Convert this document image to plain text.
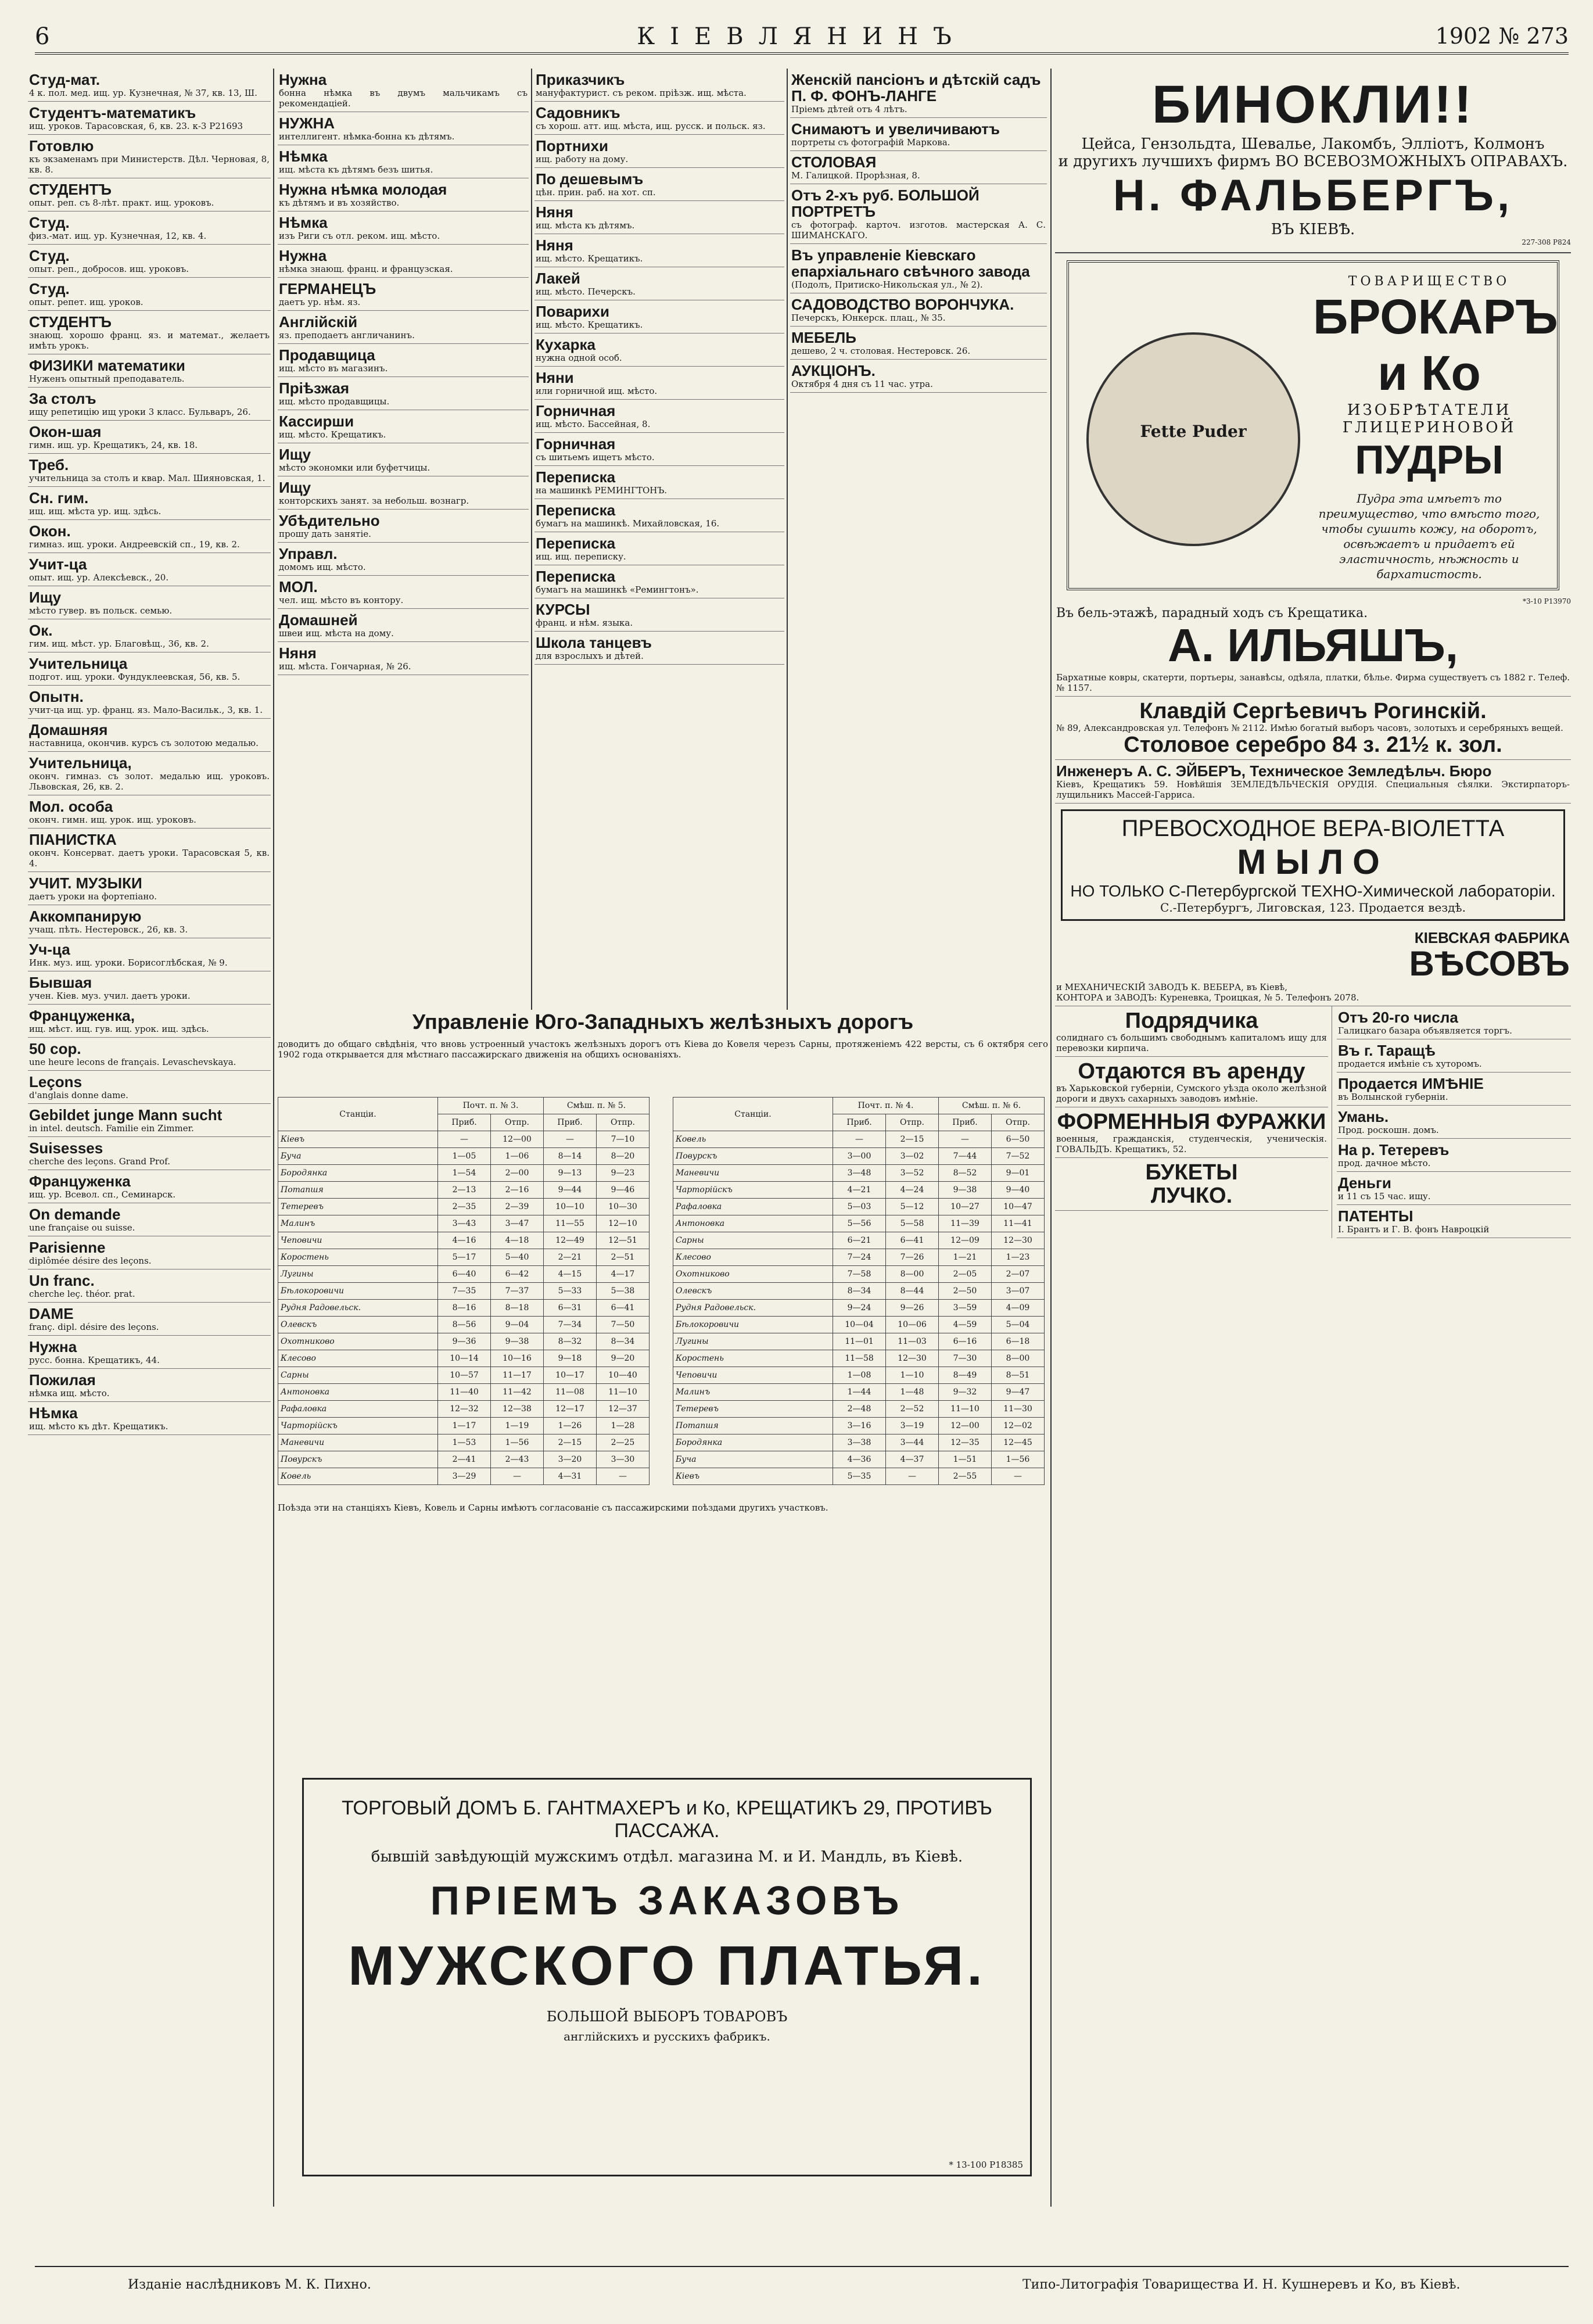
6	КІЕВЛЯНИНЪ	1902 № 273
Студ-мат.
4 к. пол. мед. ищ. ур. Кузнечная, № 37, кв. 13, Ш.
Студентъ-математикъ
ищ. уроков. Тарасовская, 6, кв. 23. к-3 Р21693
Готовлю
къ экзаменамъ при Министерств. Дѣл. Черновая, 8, кв. 8.
СТУДЕНТЪ
опыт. реп. съ 8-лѣт. практ. ищ. уроковъ.
Студ.
физ.-мат. ищ. ур. Кузнечная, 12, кв. 4.
Студ.
опыт. реп., добросов. ищ. уроковъ.
Студ.
опыт. репет. ищ. уроков.
СТУДЕНТЪ
знающ. хорошо франц. яз. и математ., желаетъ имѣть урокъ.
ФИЗИКИ математики
Нуженъ опытный преподаватель.
За столъ
ищу репетицію ищ уроки 3 класс. Бульваръ, 26.
Окон-шая
гимн. ищ. ур. Крещатикъ, 24, кв. 18.
Треб.
учительница за столъ и квар. Мал. Шияновская, 1.
Сн. гим.
ищ. ищ. мѣста ур. ищ. здѣсь.
Окон.
гимназ. ищ. уроки. Андреевскій сп., 19, кв. 2.
Учит-ца
опыт. ищ. ур. Алексѣевск., 20.
Ищу
мѣсто гувер. въ польск. семью.
Ок.
гим. ищ. мѣст. ур. Благовѣщ., 36, кв. 2.
Учительница
подгот. ищ. уроки. Фундуклеевская, 56, кв. 5.
Опытн.
учит-ца ищ. ур. франц. яз. Мало-Васильк., 3, кв. 1.
Домашняя
наставница, окончив. курсъ съ золотою медалью.
Учительница,
оконч. гимназ. съ золот. медалью ищ. уроковъ. Львовская, 26, кв. 2.
Мол. особа
оконч. гимн. ищ. урок. ищ. уроковъ.
ПІАНИСТКА
оконч. Консерват. даетъ уроки. Тарасовская 5, кв. 4.
УЧИТ. МУЗЫКИ
даетъ уроки на фортепіано.
Аккомпанирую
учащ. пѣть. Нестеровск., 26, кв. 3.
Уч-ца
Инк. муз. ищ. уроки. Борисоглѣбская, № 9.
Бывшая
учен. Кіев. муз. учил. даетъ уроки.
Француженка,
ищ. мѣст. ищ. гув. ищ. урок. ищ. здѣсь.
50 cop.
une heure lecons de français. Levaschevskaya.
Leçons
d'anglais donne dame.
Gebildet junge Mann sucht
in intel. deutsch. Familie ein Zimmer.
Suisesses
cherche des leçons. Grand Prof.
Француженка
ищ. ур. Всевол. сп., Семинарск.
On demande
une française ou suisse.
Parisienne
diplômée désire des leçons.
Un franc.
cherche leç. théor. prat.
DAME
franç. dipl. désire des leçons.
Нужна
русс. бонна. Крещатикъ, 44.
Пожилая
нѣмка ищ. мѣсто.
Нѣмка
ищ. мѣсто къ дѣт. Крещатикъ.
Нужна
бонна нѣмка въ двумъ мальчикамъ съ рекомендаціей.
НУЖНА
интеллигент. нѣмка-бонна къ дѣтямъ.
Нѣмка
ищ. мѣста къ дѣтямъ безъ шитья.
Нужна нѣмка молодая
къ дѣтямъ и въ хозяйство.
Нѣмка
изъ Риги съ отл. реком. ищ. мѣсто.
Нужна
нѣмка знающ. франц. и французская.
ГЕРМАНЕЦЪ
даетъ ур. нѣм. яз.
Англійскій
яз. преподаетъ англичанинъ.
Продавщица
ищ. мѣсто въ магазинъ.
Пріѣзжая
ищ. мѣсто продавщицы.
Кассирши
ищ. мѣсто. Крещатикъ.
Ищу
мѣсто экономки или буфетчицы.
Ищу
конторскихъ занят. за небольш. вознагр.
Убѣдительно
прошу дать занятіе.
Управл.
домомъ ищ. мѣсто.
МОЛ.
чел. ищ. мѣсто въ контору.
Домашней
швеи ищ. мѣста на дому.
Няня
ищ. мѣста. Гончарная, № 26.
Приказчикъ
мануфактурист. съ реком. пріѣзж. ищ. мѣста.
Садовникъ
съ хорош. атт. ищ. мѣста, ищ. русск. и польск. яз.
Портнихи
ищ. работу на дому.
По дешевымъ
цѣн. прин. раб. на хот. сп.
Няня
ищ. мѣста къ дѣтямъ.
Няня
ищ. мѣсто. Крещатикъ.
Лакей
ищ. мѣсто. Печерскъ.
Поварихи
ищ. мѣсто. Крещатикъ.
Кухарка
нужна одной особ.
Няни
или горничной ищ. мѣсто.
Горничная
ищ. мѣсто. Бассейная, 8.
Горничная
съ шитьемъ ищетъ мѣсто.
Переписка
на машинкѣ РЕМИНГТОНЪ.
Переписка
бумагъ на машинкѣ. Михайловская, 16.
Переписка
ищ. ищ. переписку.
Переписка
бумагъ на машинкѣ «Ремингтонъ».
КУРСЫ
франц. и нѣм. языка.
Школа танцевъ
для взрослыхъ и дѣтей.
Женскій пансіонъ и дѣтскій садъ П. Ф. ФОНЪ-ЛАНГЕ
Пріемъ дѣтей отъ 4 лѣтъ.
Снимаютъ и увеличиваютъ
портреты съ фотографій Маркова.
СТОЛОВАЯ
М. Галицкой. Прорѣзная, 8.
Отъ 2-хъ руб. БОЛЬШОЙ ПОРТРЕТЪ
съ фотограф. карточ. изготов. мастерская А. С. ШИМАНСКАГО.
Въ управленіе Кіевскаго епархіальнаго свѣчного завода
(Подолъ, Притиско-Никольская ул., № 2).
САДОВОДСТВО ВОРОНЧУКА.
Печерскъ, Юнкерск. плац., № 35.
МЕБЕЛЬ
дешево, 2 ч. столовая. Нестеровск. 26.
АУКЦІОНЪ.
Октября 4 дня съ 11 час. утра.
Управленіе Юго-Западныхъ желѣзныхъ дорогъ
доводитъ до общаго свѣдѣнія, что вновь устроенный участокъ желѣзныхъ дорогъ отъ Кіева до Ковеля черезъ Сарны, протяженіемъ 422 версты, съ 6 октября сего 1902 года открывается для мѣстнаго пассажирскаго движенія на общихъ основаніяхъ.
Станціи.	Почт. п. № 3.		Смѣш. п. № 5.	
	Приб.	Отпр.	Приб.	Отпр.
Кіевъ	—	12—00	—	7—10
Буча	1—05	1—06	8—14	8—20
Бородянка	1—54	2—00	9—13	9—23
Потапшя	2—13	2—16	9—44	9—46
Тетеревъ	2—35	2—39	10—10	10—30
Малинъ	3—43	3—47	11—55	12—10
Чеповичи	4—16	4—18	12—49	12—51
Коростень	5—17	5—40	2—21	2—51
Лугины	6—40	6—42	4—15	4—17
Бѣлокоровичи	7—35	7—37	5—33	5—38
Рудня Радовельск.	8—16	8—18	6—31	6—41
Олевскъ	8—56	9—04	7—34	7—50
Охотниково	9—36	9—38	8—32	8—34
Клесово	10—14	10—16	9—18	9—20
Сарны	10—57	11—17	10—17	10—40
Антоновка	11—40	11—42	11—08	11—10
Рафаловка	12—32	12—38	12—17	12—37
Чарторійскъ	1—17	1—19	1—26	1—28
Маневичи	1—53	1—56	2—15	2—25
Повурскъ	2—41	2—43	3—20	3—30
Ковель	3—29	—	4—31	—
Станціи.	Почт. п. № 4.		Смѣш. п. № 6.	
	Приб.	Отпр.	Приб.	Отпр.
Ковель	—	2—15	—	6—50
Повурскъ	3—00	3—02	7—44	7—52
Маневичи	3—48	3—52	8—52	9—01
Чарторійскъ	4—21	4—24	9—38	9—40
Рафаловка	5—03	5—12	10—27	10—47
Антоновка	5—56	5—58	11—39	11—41
Сарны	6—21	6—41	12—09	12—30
Клесово	7—24	7—26	1—21	1—23
Охотниково	7—58	8—00	2—05	2—07
Олевскъ	8—34	8—44	2—50	3—07
Рудня Радовельск.	9—24	9—26	3—59	4—09
Бѣлокоровичи	10—04	10—06	4—59	5—04
Лугины	11—01	11—03	6—16	6—18
Коростень	11—58	12—30	7—30	8—00
Чеповичи	1—08	1—10	8—49	8—51
Малинъ	1—44	1—48	9—32	9—47
Тетеревъ	2—48	2—52	11—10	11—30
Потапшя	3—16	3—19	12—00	12—02
Бородянка	3—38	3—44	12—35	12—45
Буча	4—36	4—37	1—51	1—56
Кіевъ	5—35	—	2—55	—
Поѣзда эти на станціяхъ Кіевъ, Ковель и Сарны имѣютъ согласованіе съ пассажирскими поѣздами другихъ участковъ.
ТОРГОВЫЙ ДОМЪ Б. ГАНТМАХЕРЪ и Ко, КРЕЩАТИКЪ 29, ПРОТИВЪ ПАССАЖА.
бывшій завѣдующій мужскимъ отдѣл. магазина М. и И. Мандль, въ Кіевѣ.
ПРІЕМЪ ЗАКАЗОВЪ
МУЖСКОГО ПЛАТЬЯ.
БОЛЬШОЙ ВЫБОРЪ ТОВАРОВЪ
англійскихъ и русскихъ фабрикъ.
* 13-100 Р18385
БИНОКЛИ!!
Цейса, Гензольдта, Шевалье, Лакомбъ, Эллiотъ, Колмонъ
и другихъ лучшихъ фирмъ ВО ВСЕВОЗМОЖНЫХЪ ОПРАВАХЪ.
Н. ФАЛЬБЕРГЪ,
ВЪ КІЕВѢ.
227-308 Р824
Fette Puder
ТОВАРИЩЕСТВО
БРОКАРЪ и Ко
ИЗОБРѢТАТЕЛИ ГЛИЦЕРИНОВОЙ
ПУДРЫ
Пудра эта имѣетъ то преимущество, что вмѣсто того, чтобы сушить кожу, на оборотъ, освѣжаетъ и придаетъ ей эластичность, нѣжность и бархатистость.
*3-10 Р13970
Въ бель-этажѣ, парадный ходъ съ Крещатика.
А. ИЛЬЯШЪ,
Бархатные ковры, скатерти, портьеры, занавѣсы, одѣяла, платки, бѣлье. Фирма существуетъ съ 1882 г. Телеф. № 1157.
Клавдій Сергѣевичъ Рогинскій.
№ 89, Александровская ул. Телефонъ № 2112. Имѣю богатый выборъ часовъ, золотыхъ и серебряныхъ вещей.
Столовое серебро 84 з. 21½ к. зол.
Инженеръ А. С. ЭЙБЕРЪ, Техническое Земледѣльч. Бюро
Кіевъ, Крещатикъ 59. Новѣйшія ЗЕМЛЕДѢЛЬЧЕСКІЯ ОРУДІЯ. Специальныя сѣялки. Экстирпаторъ-лущильникъ Массей-Гарриса.
ПРЕВОСХОДНОЕ ВЕРА-ВІОЛЕТТА
МЫЛО
НО ТОЛЬКО С-Петербургской ТЕХНО-Химической лабораторіи.
С.-Петербургъ, Лиговская, 123. Продается вездѣ.
КІЕВСКАЯ ФАБРИКА
ВѢСОВЪ
и МЕХАНИЧЕСКІЙ ЗАВОДЪ К. ВЕБЕРА, въ Кіевѣ,
КОНТОРА и ЗАВОДЪ: Куреневка, Троицкая, № 5. Телефонъ 2078.
Подрядчика
солиднаго съ большимъ свободнымъ капиталомъ ищу для перевозки кирпича.
Отдаются въ аренду
въ Харьковской губерніи, Сумского уѣзда около желѣзной дороги и двухъ сахарныхъ заводовъ имѣніе.
ФОРМЕННЫЯ ФУРАЖКИ
военныя, гражданскія, студенческія, ученическія. ГОВАЛЬДЪ. Крещатикъ, 52.
БУКЕТЫ
ЛУЧКО.
Отъ 20-го числа
Галицкаго базара объявляется торгъ.
Въ г. Таращѣ
продается имѣніе съ хуторомъ.
Продается ИМѢНІЕ
въ Волынской губерніи.
Умань.
Прод. роскошн. домъ.
На р. Тетеревъ
прод. дачное мѣсто.
Деньги
и 11 съ 15 час. ищу.
ПАТЕНТЫ
I. Брантъ и Г. В. фонъ Навроцкій
Изданіе наслѣдниковъ М. К. Пихно.	Типо-Литографія Товарищества И. Н. Кушнеревъ и Ко, въ Кіевѣ.
